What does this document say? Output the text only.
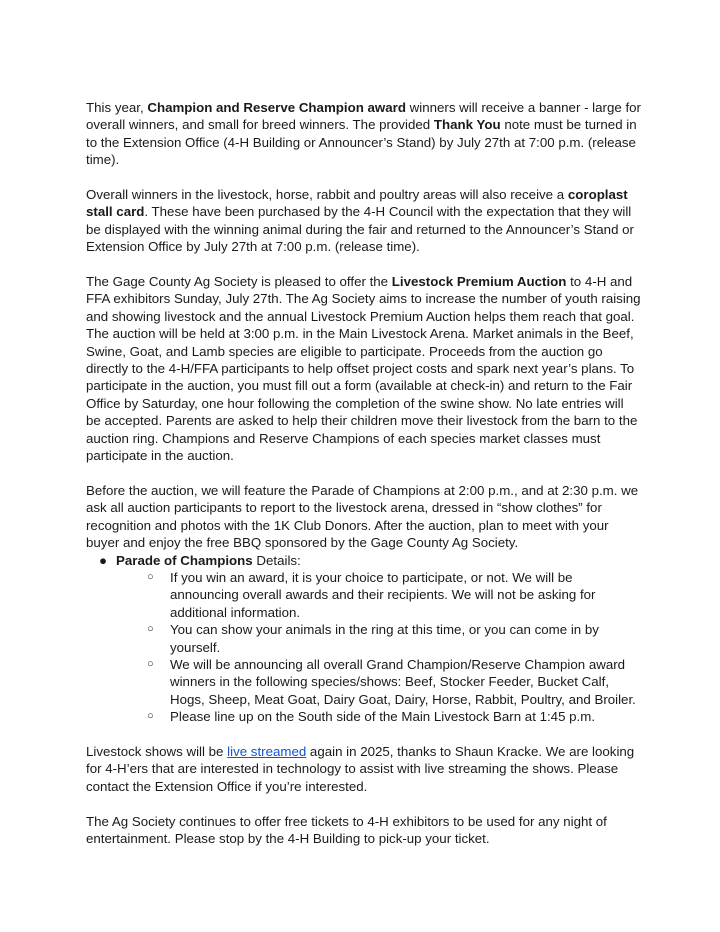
This year, Champion and Reserve Champion award winners will receive a banner - large for overall winners, and small for breed winners. The provided Thank You note must be turned in to the Extension Office (4-H Building or Announcer’s Stand) by July 27th at 7:00 p.m. (release time).

Overall winners in the livestock, horse, rabbit and poultry areas will also receive a coroplast stall card. These have been purchased by the 4-H Council with the expectation that they will be displayed with the winning animal during the fair and returned to the Announcer’s Stand or Extension Office by July 27th at 7:00 p.m. (release time).

The Gage County Ag Society is pleased to offer the Livestock Premium Auction to 4-H and FFA exhibitors Sunday, July 27th. The Ag Society aims to increase the number of youth raising and showing livestock and the annual Livestock Premium Auction helps them reach that goal. The auction will be held at 3:00 p.m. in the Main Livestock Arena. Market animals in the Beef, Swine, Goat, and Lamb species are eligible to participate. Proceeds from the auction go directly to the 4-H/FFA participants to help offset project costs and spark next year’s plans. To participate in the auction, you must fill out a form (available at check-in) and return to the Fair Office by Saturday, one hour following the completion of the swine show. No late entries will be accepted. Parents are asked to help their children move their livestock from the barn to the auction ring. Champions and Reserve Champions of each species market classes must participate in the auction.

Before the auction, we will feature the Parade of Champions at 2:00 p.m., and at 2:30 p.m. we ask all auction participants to report to the livestock arena, dressed in “show clothes” for recognition and photos with the 1K Club Donors. After the auction, plan to meet with your buyer and enjoy the free BBQ sponsored by the Gage County Ag Society.

● Parade of Champions Details:
○ If you win an award, it is your choice to participate, or not. We will be announcing overall awards and their recipients. We will not be asking for additional information.
○ You can show your animals in the ring at this time, or you can come in by yourself.
○ We will be announcing all overall Grand Champion/Reserve Champion award winners in the following species/shows: Beef, Stocker Feeder, Bucket Calf, Hogs, Sheep, Meat Goat, Dairy Goat, Dairy, Horse, Rabbit, Poultry, and Broiler.
○ Please line up on the South side of the Main Livestock Barn at 1:45 p.m.

Livestock shows will be live streamed again in 2025, thanks to Shaun Kracke. We are looking for 4-H’ers that are interested in technology to assist with live streaming the shows. Please contact the Extension Office if you’re interested.

The Ag Society continues to offer free tickets to 4-H exhibitors to be used for any night of entertainment. Please stop by the 4-H Building to pick-up your ticket.
